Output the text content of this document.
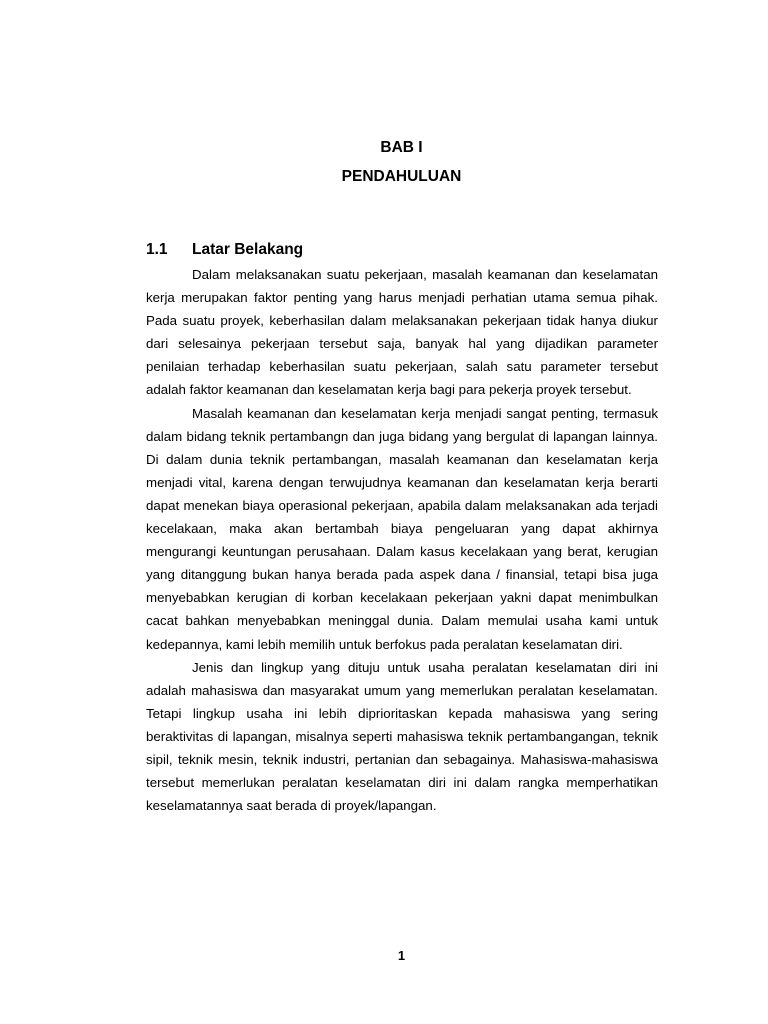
BAB I
PENDAHULUAN
1.1 Latar Belakang

Dalam melaksanakan suatu pekerjaan, masalah keamanan dan keselamatan kerja merupakan faktor penting yang harus menjadi perhatian utama semua pihak. Pada suatu proyek, keberhasilan dalam melaksanakan pekerjaan tidak hanya diukur dari selesainya pekerjaan tersebut saja, banyak hal yang dijadikan parameter penilaian terhadap keberhasilan suatu pekerjaan, salah satu parameter tersebut adalah faktor keamanan dan keselamatan kerja bagi para pekerja proyek tersebut.

Masalah keamanan dan keselamatan kerja menjadi sangat penting, termasuk dalam bidang teknik pertambangn dan juga bidang yang bergulat di lapangan lainnya. Di dalam dunia teknik pertambangan, masalah keamanan dan keselamatan kerja menjadi vital, karena dengan terwujudnya keamanan dan keselamatan kerja berarti dapat menekan biaya operasional pekerjaan, apabila dalam melaksanakan ada terjadi kecelakaan, maka akan bertambah biaya pengeluaran yang dapat akhirnya mengurangi keuntungan perusahaan. Dalam kasus kecelakaan yang berat, kerugian yang ditanggung bukan hanya berada pada aspek dana / finansial, tetapi bisa juga menyebabkan kerugian di korban kecelakaan pekerjaan yakni dapat menimbulkan cacat bahkan menyebabkan meninggal dunia. Dalam memulai usaha kami untuk kedepannya, kami lebih memilih untuk berfokus pada peralatan keselamatan diri.

Jenis dan lingkup yang dituju untuk usaha peralatan keselamatan diri ini adalah mahasiswa dan masyarakat umum yang memerlukan peralatan keselamatan. Tetapi lingkup usaha ini lebih diprioritaskan kepada mahasiswa yang sering beraktivitas di lapangan, misalnya seperti mahasiswa teknik pertambangangan, teknik sipil, teknik mesin, teknik industri, pertanian dan sebagainya. Mahasiswa-mahasiswa tersebut memerlukan peralatan keselamatan diri ini dalam rangka memperhatikan keselamatannya saat berada di proyek/lapangan.

1
